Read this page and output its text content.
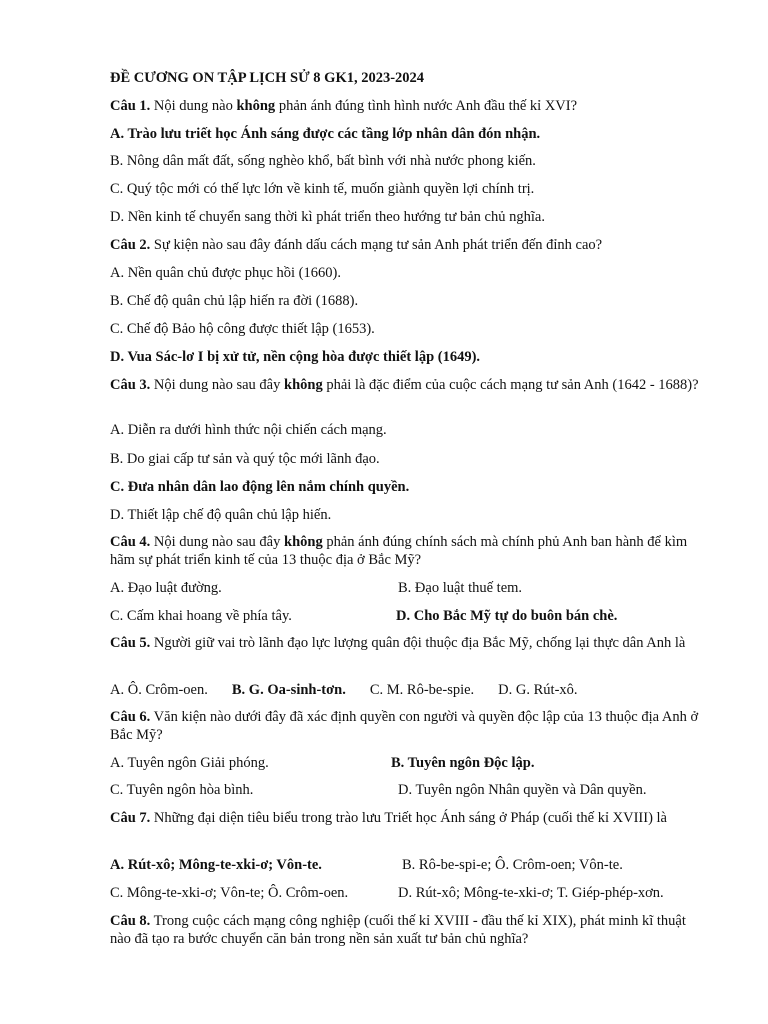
ĐỀ CƯƠNG ON TẬP LỊCH SỬ 8 GK1, 2023-2024
Câu 1. Nội dung nào không phản ánh đúng tình hình nước Anh đầu thế kỉ XVI?
A. Trào lưu triết học Ánh sáng được các tầng lớp nhân dân đón nhận.
B. Nông dân mất đất, sống nghèo khổ, bất bình với nhà nước phong kiến.
C. Quý tộc mới có thế lực lớn về kinh tế, muốn giành quyền lợi chính trị.
D. Nền kinh tế chuyển sang thời kì phát triển theo hướng tư bản chủ nghĩa.
Câu 2. Sự kiện nào sau đây đánh dấu cách mạng tư sản Anh phát triển đến đỉnh cao?
A. Nền quân chủ được phục hồi (1660).
B. Chế độ quân chủ lập hiến ra đời (1688).
C. Chế độ Bảo hộ công được thiết lập (1653).
D. Vua Sác-lơ I bị xử tử, nền cộng hòa được thiết lập (1649).
Câu 3. Nội dung nào sau đây không phải là đặc điểm của cuộc cách mạng tư sản Anh (1642 - 1688)?
A. Diễn ra dưới hình thức nội chiến cách mạng.
B. Do giai cấp tư sản và quý tộc mới lãnh đạo.
C. Đưa nhân dân lao động lên nắm chính quyền.
D. Thiết lập chế độ quân chủ lập hiến.
Câu 4. Nội dung nào sau đây không phản ánh đúng chính sách mà chính phủ Anh ban hành để kìm hãm sự phát triển kinh tế của 13 thuộc địa ở Bắc Mỹ?
A. Đạo luật đường.	B. Đạo luật thuế tem.
C. Cấm khai hoang về phía tây.	D. Cho Bắc Mỹ tự do buôn bán chè.
Câu 5. Người giữ vai trò lãnh đạo lực lượng quân đội thuộc địa Bắc Mỹ, chống lại thực dân Anh là
A. Ô. Crôm-oen. B. G. Oa-sinh-tơn. C. M. Rô-be-spie. D. G. Rút-xô.
Câu 6. Văn kiện nào dưới đây đã xác định quyền con người và quyền độc lập của 13 thuộc địa Anh ở Bắc Mỹ?
A. Tuyên ngôn Giải phóng.	B. Tuyên ngôn Độc lập.
C. Tuyên ngôn hòa bình.	D. Tuyên ngôn Nhân quyền và Dân quyền.
Câu 7. Những đại diện tiêu biểu trong trào lưu Triết học Ánh sáng ở Pháp (cuối thế kỉ XVIII) là
A. Rút-xô; Mông-te-xki-ơ; Vôn-te.	B. Rô-be-spi-e; Ô. Crôm-oen; Vôn-te.
C. Mông-te-xki-ơ; Vôn-te; Ô. Crôm-oen.	D. Rút-xô; Mông-te-xki-ơ; T. Giép-phép-xơn.
Câu 8. Trong cuộc cách mạng công nghiệp (cuối thế kỉ XVIII - đầu thế kỉ XIX), phát minh kĩ thuật nào đã tạo ra bước chuyển căn bản trong nền sản xuất tư bản chủ nghĩa?
